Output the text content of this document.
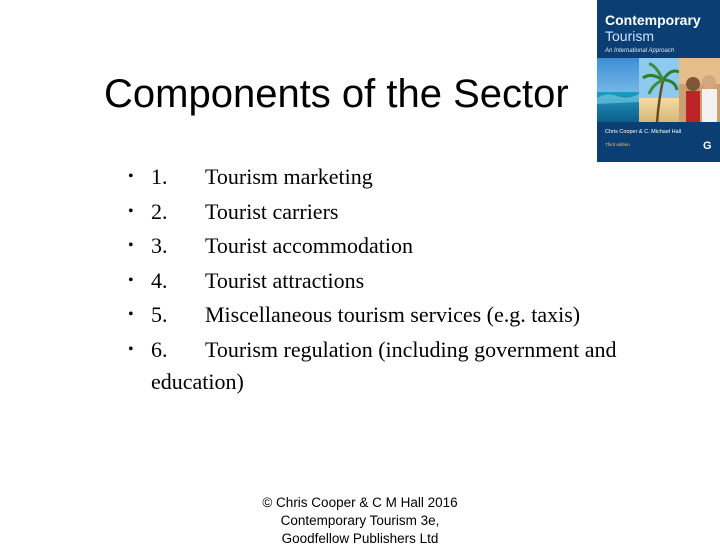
Components of the Sector
• 1. Tourism marketing
• 2. Tourist carriers
• 3. Tourist accommodation
• 4. Tourist attractions
• 5. Miscellaneous tourism services (e.g. taxis)
• 6. Tourism regulation (including government and
education)
© Chris Cooper & C M Hall 2016
Contemporary Tourism 3e,
Goodfellow Publishers Ltd
Contemporary
Tourism
An International Approach
Chris Cooper & C. Michael Hall
Third edition	G
